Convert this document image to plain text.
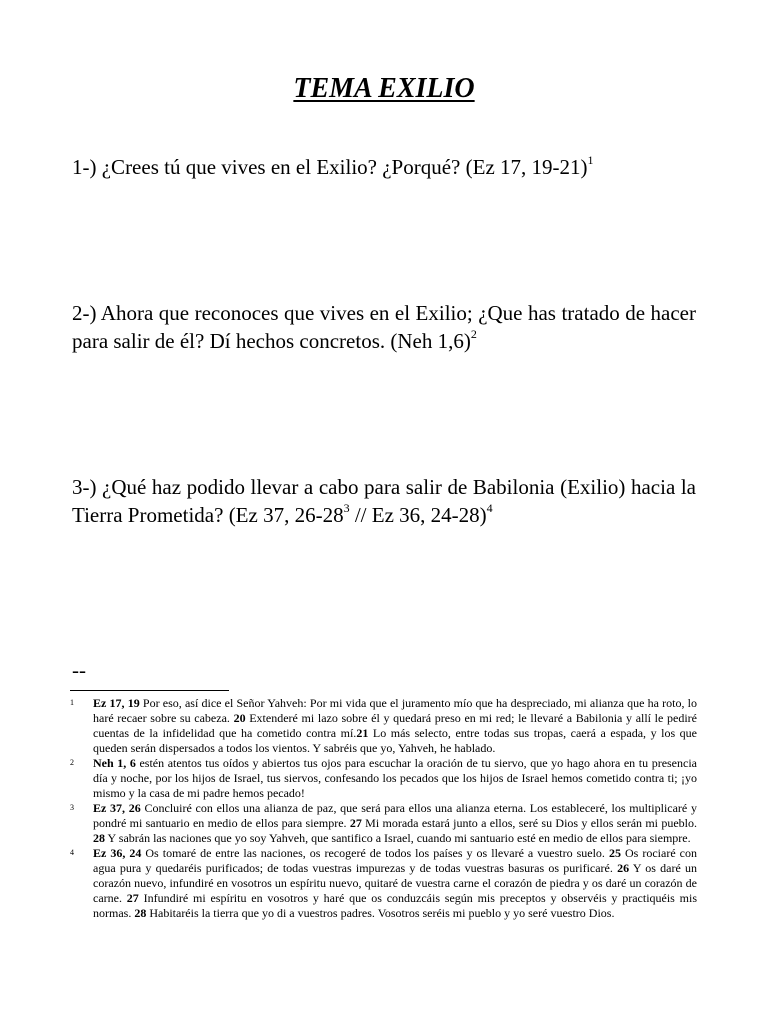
TEMA EXILIO

1-) ¿Crees tú que vives en el Exilio? ¿Porqué? (Ez 17, 19-21)$^1$

2-) Ahora que reconoces que vives en el Exilio; ¿Que has tratado de hacer para salir de él? Dí hechos concretos. (Neh 1,6)$^2$

3-) ¿Qué haz podido llevar a cabo para salir de Babilonia (Exilio) hacia la Tierra Prometida? (Ez 37, $26-28^3$ // Ez 36, 24-28)$^4$

--

1 Ez 17, 19 Por eso, así dice el Señor Yahveh: Por mi vida que el juramento mío que ha despreciado, mi alianza que ha roto, lo haré recaer sobre su cabeza. 20 Extenderé mi lazo sobre él y quedará preso en mi red; le llevaré a Babilonia y allí le pediré cuentas de la infidelidad que ha cometido contra mí.21 Lo más selecto, entre todas sus tropas, caerá a espada, y los que queden serán dispersados a todos los vientos. Y sabréis que yo, Yahveh, he hablado.

2 Neh 1, 6 estén atentos tus oídos y abiertos tus ojos para escuchar la oración de tu siervo, que yo hago ahora en tu presencia día y noche, por los hijos de Israel, tus siervos, confesando los pecados que los hijos de Israel hemos cometido contra ti; ¡yo mismo y la casa de mi padre hemos pecado!

3 Ez 37, 26 Concluiré con ellos una alianza de paz, que será para ellos una alianza eterna. Los estableceré, los multiplicaré y pondré mi santuario en medio de ellos para siempre. 27 Mi morada estará junto a ellos, seré su Dios y ellos serán mi pueblo. 28 Y sabrán las naciones que yo soy Yahveh, que santifico a Israel, cuando mi santuario esté en medio de ellos para siempre.

4 Ez 36, 24 Os tomaré de entre las naciones, os recogeré de todos los países y os llevaré a vuestro suelo. 25 Os rociaré con agua pura y quedaréis purificados; de todas vuestras impurezas y de todas vuestras basuras os purificaré. 26 Y os daré un corazón nuevo, infundiré en vosotros un espíritu nuevo, quitaré de vuestra carne el corazón de piedra y os daré un corazón de carne. 27 Infundiré mi espíritu en vosotros y haré que os conduzcáis según mis preceptos y observéis y practiquéis mis normas. 28 Habitaréis la tierra que yo di a vuestros padres. Vosotros seréis mi pueblo y yo seré vuestro Dios.
